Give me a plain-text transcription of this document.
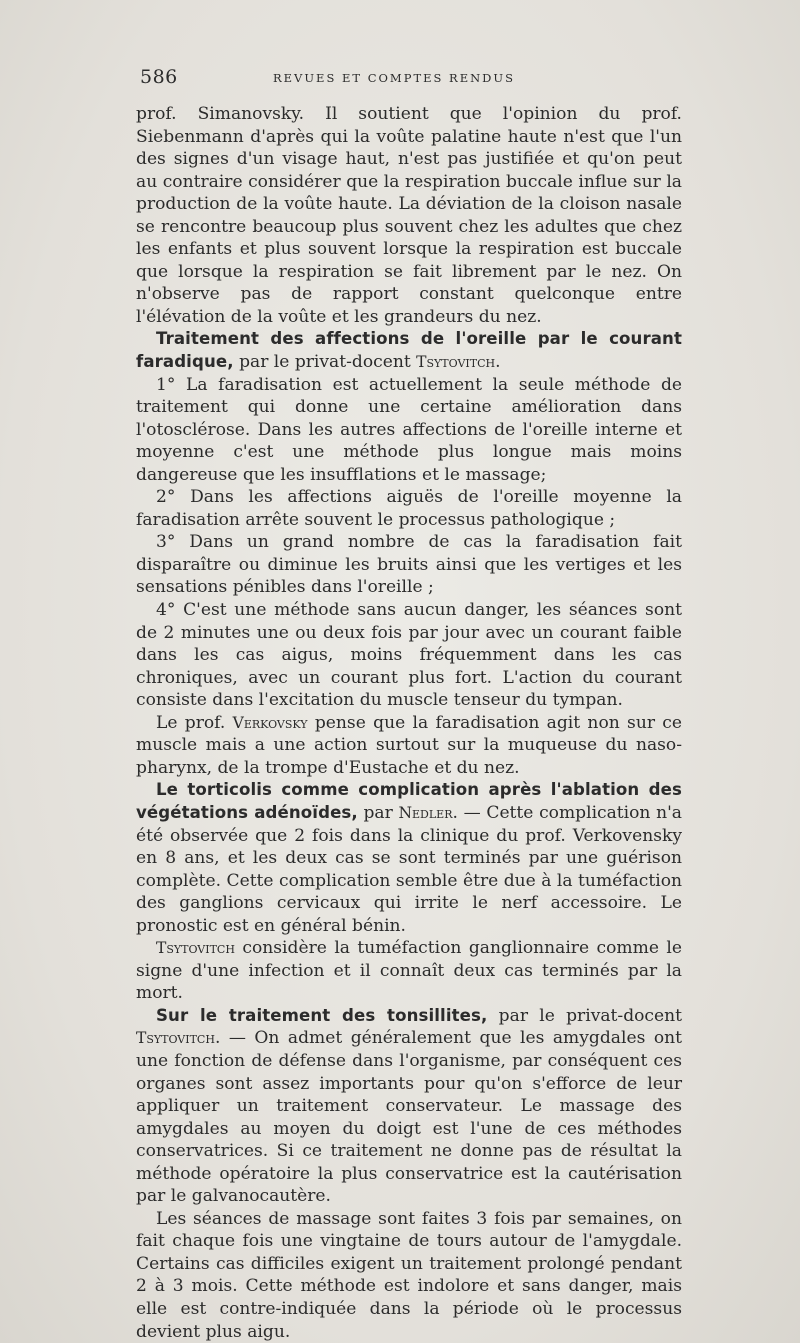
586	REVUES ET COMPTES RENDUS

prof. Simanovsky. Il soutient que l'opinion du prof. Siebenmann d'après qui la voûte palatine haute n'est que l'un des signes d'un visage haut, n'est pas justifiée et qu'on peut au contraire considérer que la respiration buccale influe sur la production de la voûte haute. La déviation de la cloison nasale se rencontre beaucoup plus souvent chez les adultes que chez les enfants et plus souvent lorsque la respiration est buccale que lorsque la respiration se fait librement par le nez. On n'observe pas de rapport constant quelconque entre l'élévation de la voûte et les grandeurs du nez.

Traitement des affections de l'oreille par le courant faradique, par le privat-docent Tsytovitch.

1° La faradisation est actuellement la seule méthode de traitement qui donne une certaine amélioration dans l'otosclérose. Dans les autres affections de l'oreille interne et moyenne c'est une méthode plus longue mais moins dangereuse que les insufflations et le massage;

2° Dans les affections aiguës de l'oreille moyenne la faradisation arrête souvent le processus pathologique ;

3° Dans un grand nombre de cas la faradisation fait disparaître ou diminue les bruits ainsi que les vertiges et les sensations pénibles dans l'oreille ;

4° C'est une méthode sans aucun danger, les séances sont de 2 minutes une ou deux fois par jour avec un courant faible dans les cas aigus, moins fréquemment dans les cas chroniques, avec un courant plus fort. L'action du courant consiste dans l'excitation du muscle tenseur du tympan.

Le prof. Verkovsky pense que la faradisation agit non sur ce muscle mais a une action surtout sur la muqueuse du naso-pharynx, de la trompe d'Eustache et du nez.

Le torticolis comme complication après l'ablation des végétations adénoïdes, par Nedler. — Cette complication n'a été observée que 2 fois dans la clinique du prof. Verkovensky en 8 ans, et les deux cas se sont terminés par une guérison complète. Cette complication semble être due à la tuméfaction des ganglions cervicaux qui irrite le nerf accessoire. Le pronostic est en général bénin.

Tsytovitch considère la tuméfaction ganglionnaire comme le signe d'une infection et il connaît deux cas terminés par la mort.

Sur le traitement des tonsillites, par le privat-docent Tsytovitch. — On admet généralement que les amygdales ont une fonction de défense dans l'organisme, par conséquent ces organes sont assez importants pour qu'on s'efforce de leur appliquer un traitement conservateur. Le massage des amygdales au moyen du doigt est l'une de ces méthodes conservatrices. Si ce traitement ne donne pas de résultat la méthode opératoire la plus conservatrice est la cautérisation par le galvanocautère.

Les séances de massage sont faites 3 fois par semaines, on fait chaque fois une vingtaine de tours autour de l'amygdale. Certains cas difficiles exigent un traitement prolongé pendant 2 à 3 mois. Cette méthode est indolore et sans danger, mais elle est contre-indiquée dans la période où le processus devient plus aigu.
